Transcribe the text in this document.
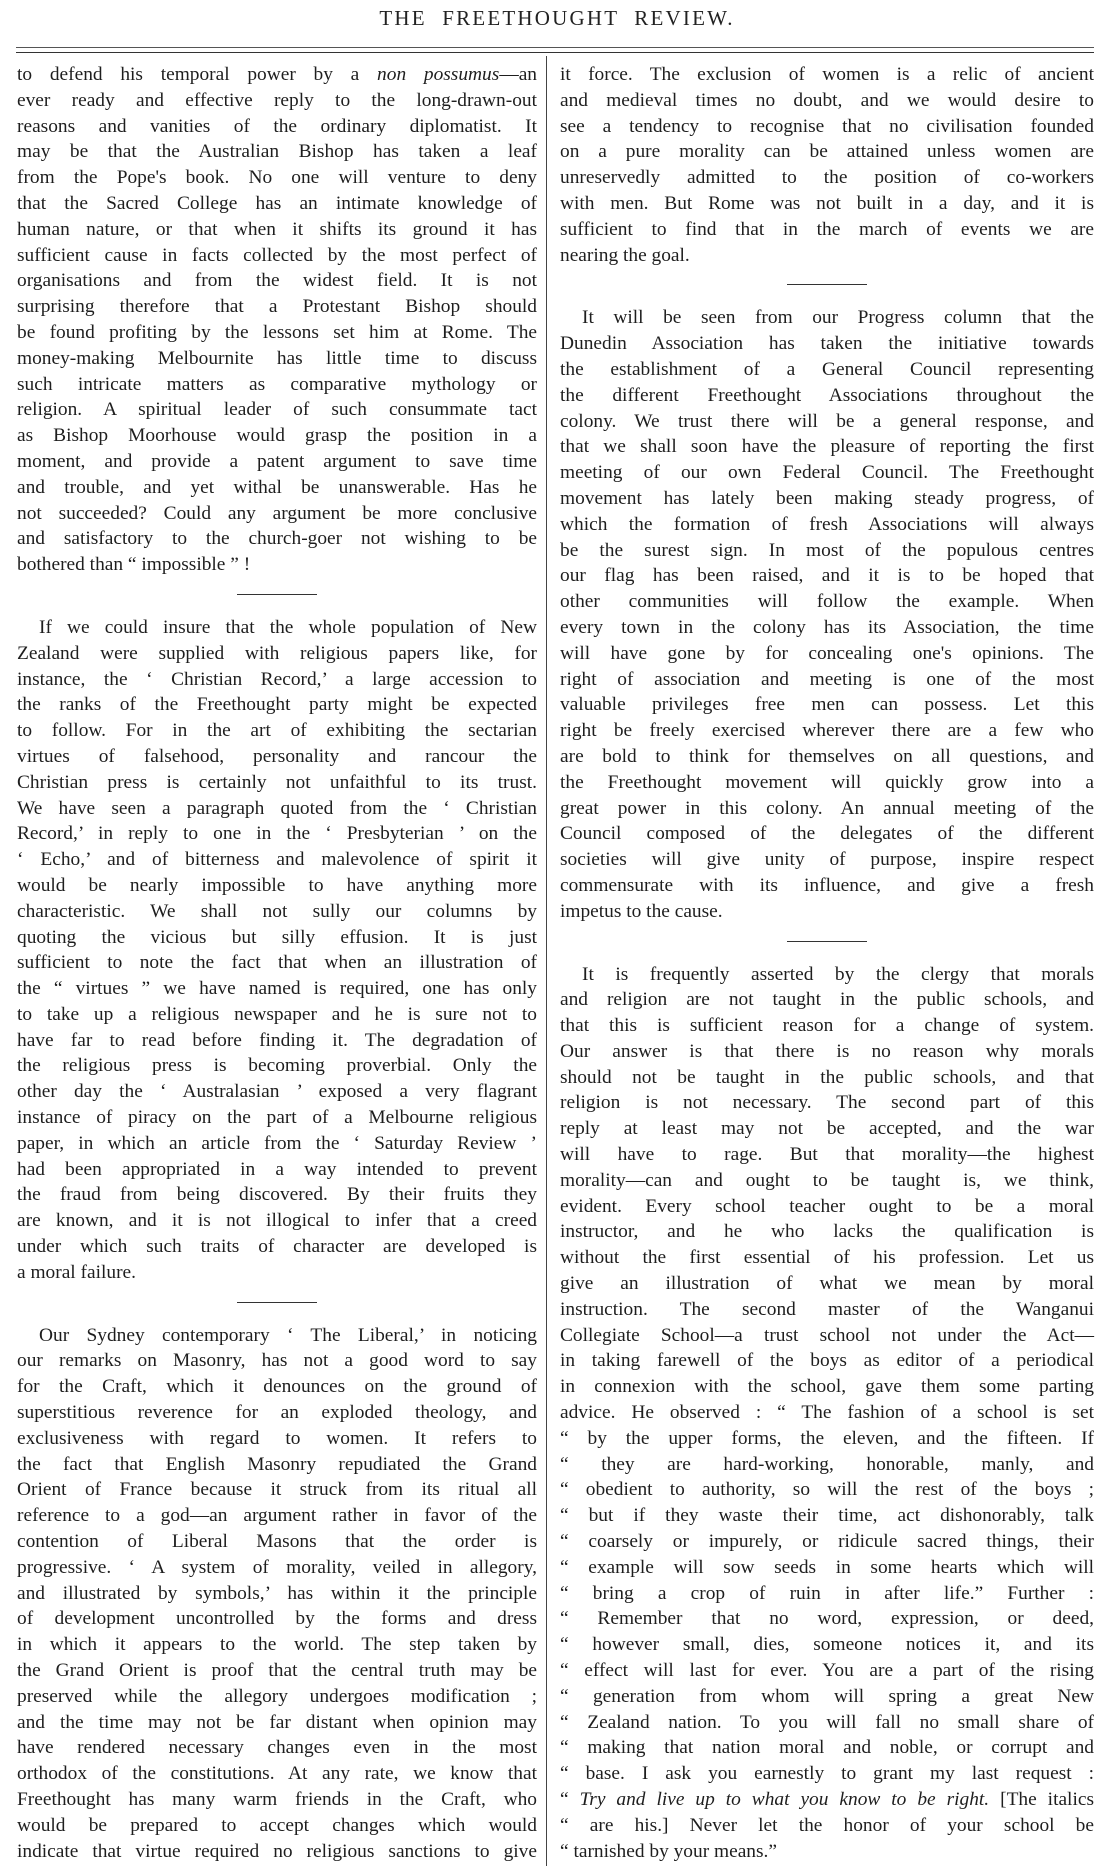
THE FREETHOUGHT REVIEW.
to defend his temporal power by a non possumus—an
ever ready and effective reply to the long-drawn-out
reasons and vanities of the ordinary diplomatist. It
may be that the Australian Bishop has taken a leaf
from the Pope's book. No one will venture to deny
that the Sacred College has an intimate knowledge of
human nature, or that when it shifts its ground it has
sufficient cause in facts collected by the most perfect of
organisations and from the widest field. It is not
surprising therefore that a Protestant Bishop should
be found profiting by the lessons set him at Rome. The
money-making Melbournite has little time to discuss
such intricate matters as comparative mythology or
religion. A spiritual leader of such consummate tact
as Bishop Moorhouse would grasp the position in a
moment, and provide a patent argument to save time
and trouble, and yet withal be unanswerable. Has he
not succeeded? Could any argument be more conclusive
and satisfactory to the church-goer not wishing to be
bothered than “ impossible ” !
If we could insure that the whole population of New
Zealand were supplied with religious papers like, for
instance, the ‘ Christian Record,’ a large accession to
the ranks of the Freethought party might be expected
to follow. For in the art of exhibiting the sectarian
virtues of falsehood, personality and rancour the
Christian press is certainly not unfaithful to its trust.
We have seen a paragraph quoted from the ‘ Christian
Record,’ in reply to one in the ‘ Presbyterian ’ on the
‘ Echo,’ and of bitterness and malevolence of spirit it
would be nearly impossible to have anything more
characteristic. We shall not sully our columns by
quoting the vicious but silly effusion. It is just
sufficient to note the fact that when an illustration of
the “ virtues ” we have named is required, one has only
to take up a religious newspaper and he is sure not to
have far to read before finding it. The degradation of
the religious press is becoming proverbial. Only the
other day the ‘ Australasian ’ exposed a very flagrant
instance of piracy on the part of a Melbourne religious
paper, in which an article from the ‘ Saturday Review ’
had been appropriated in a way intended to prevent
the fraud from being discovered. By their fruits they
are known, and it is not illogical to infer that a creed
under which such traits of character are developed is
a moral failure.
Our Sydney contemporary ‘ The Liberal,’ in noticing
our remarks on Masonry, has not a good word to say
for the Craft, which it denounces on the ground of
superstitious reverence for an exploded theology, and
exclusiveness with regard to women. It refers to
the fact that English Masonry repudiated the Grand
Orient of France because it struck from its ritual all
reference to a god—an argument rather in favor of the
contention of Liberal Masons that the order is
progressive. ‘ A system of morality, veiled in allegory,
and illustrated by symbols,’ has within it the principle
of development uncontrolled by the forms and dress
in which it appears to the world. The step taken by
the Grand Orient is proof that the central truth may be
preserved while the allegory undergoes modification ;
and the time may not be far distant when opinion may
have rendered necessary changes even in the most
orthodox of the constitutions. At any rate, we know that
Freethought has many warm friends in the Craft, who
would be prepared to accept changes which would
indicate that virtue required no religious sanctions to give
it force. The exclusion of women is a relic of ancient
and medieval times no doubt, and we would desire to
see a tendency to recognise that no civilisation founded
on a pure morality can be attained unless women are
unreservedly admitted to the position of co-workers
with men. But Rome was not built in a day, and it is
sufficient to find that in the march of events we are
nearing the goal.
It will be seen from our Progress column that the
Dunedin Association has taken the initiative towards
the establishment of a General Council representing
the different Freethought Associations throughout the
colony. We trust there will be a general response, and
that we shall soon have the pleasure of reporting the first
meeting of our own Federal Council. The Freethought
movement has lately been making steady progress, of
which the formation of fresh Associations will always
be the surest sign. In most of the populous centres
our flag has been raised, and it is to be hoped that
other communities will follow the example. When
every town in the colony has its Association, the time
will have gone by for concealing one's opinions. The
right of association and meeting is one of the most
valuable privileges free men can possess. Let this
right be freely exercised wherever there are a few who
are bold to think for themselves on all questions, and
the Freethought movement will quickly grow into a
great power in this colony. An annual meeting of the
Council composed of the delegates of the different
societies will give unity of purpose, inspire respect
commensurate with its influence, and give a fresh
impetus to the cause.
It is frequently asserted by the clergy that morals
and religion are not taught in the public schools, and
that this is sufficient reason for a change of system.
Our answer is that there is no reason why morals
should not be taught in the public schools, and that
religion is not necessary. The second part of this
reply at least may not be accepted, and the war
will have to rage. But that morality—the highest
morality—can and ought to be taught is, we think,
evident. Every school teacher ought to be a moral
instructor, and he who lacks the qualification is
without the first essential of his profession. Let us
give an illustration of what we mean by moral
instruction. The second master of the Wanganui
Collegiate School—a trust school not under the Act—
in taking farewell of the boys as editor of a periodical
in connexion with the school, gave them some parting
advice. He observed : “ The fashion of a school is set
“ by the upper forms, the eleven, and the fifteen. If
“ they are hard-working, honorable, manly, and
“ obedient to authority, so will the rest of the boys ;
“ but if they waste their time, act dishonorably, talk
“ coarsely or impurely, or ridicule sacred things, their
“ example will sow seeds in some hearts which will
“ bring a crop of ruin in after life.” Further :
“ Remember that no word, expression, or deed,
“ however small, dies, someone notices it, and its
“ effect will last for ever. You are a part of the rising
“ generation from whom will spring a great New
“ Zealand nation. To you will fall no small share of
“ making that nation moral and noble, or corrupt and
“ base. I ask you earnestly to grant my last request :
“ Try and live up to what you know to be right. [The italics
“ are his.] Never let the honor of your school be
“ tarnished by your means.”
